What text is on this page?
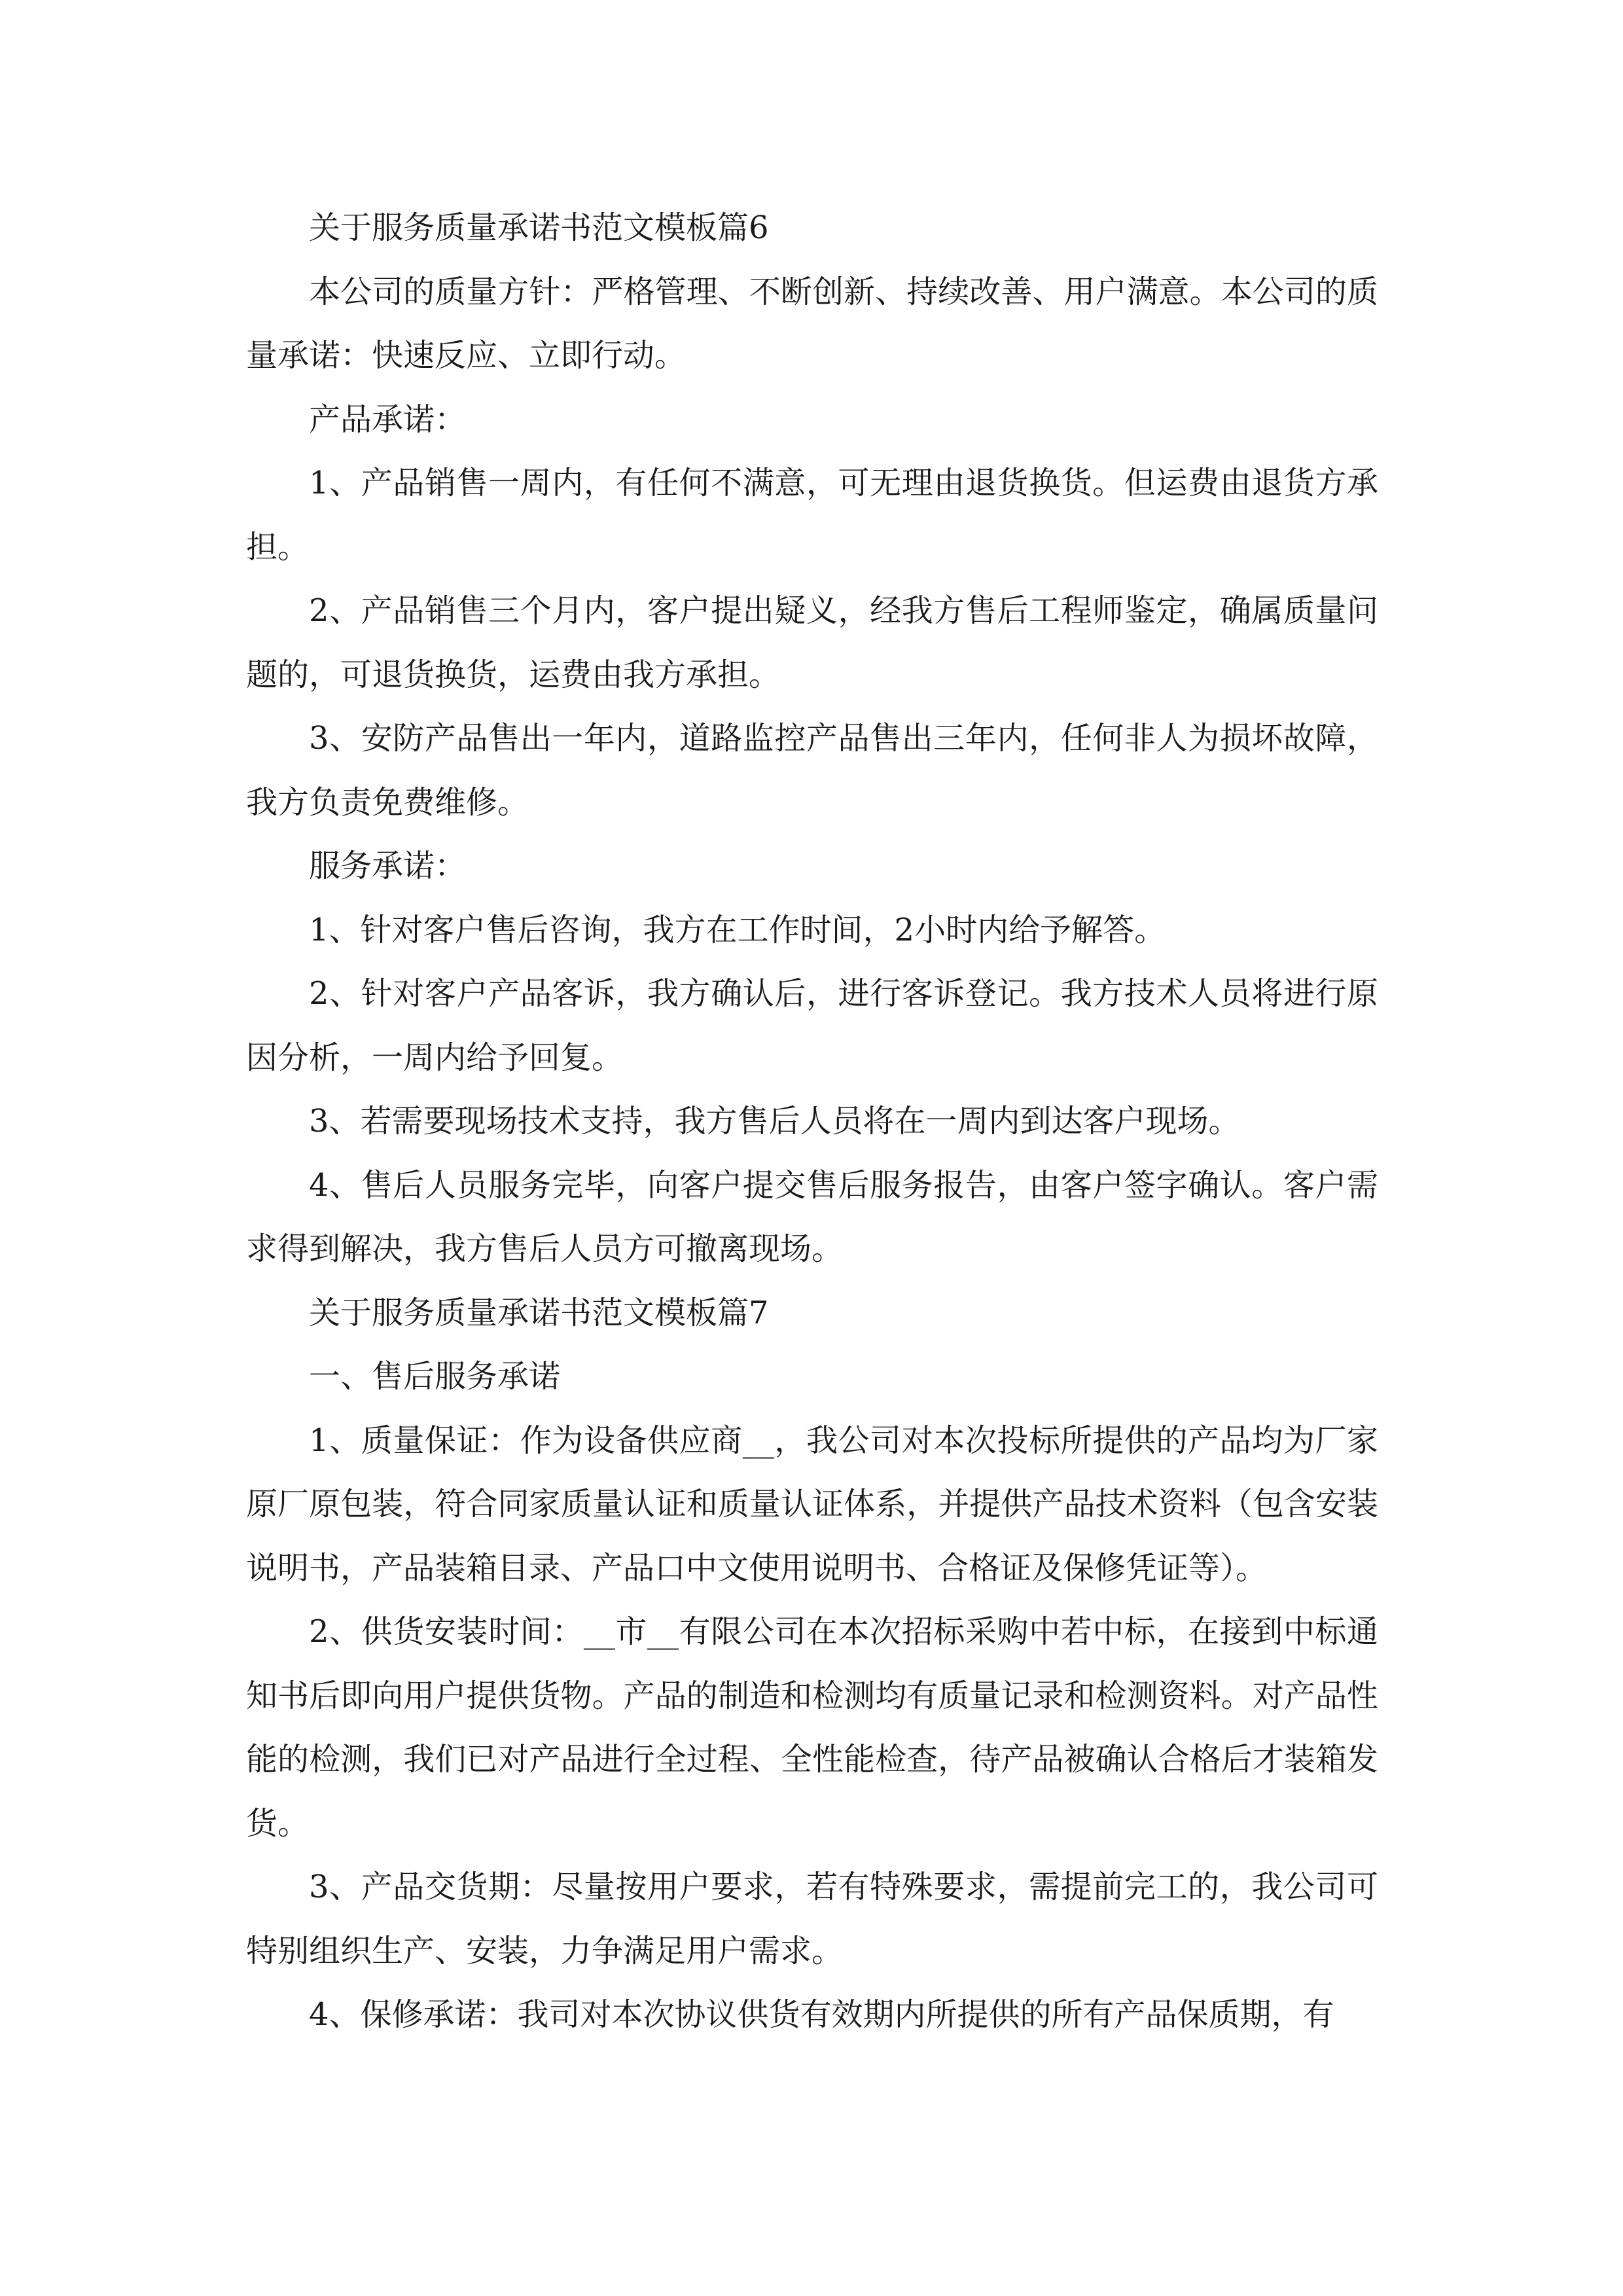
关于服务质量承诺书范文模板篇6

本公司的质量方针：严格管理、不断创新、持续改善、用户满意。本公司的质量承诺：快速反应、立即行动。

产品承诺：

1、产品销售一周内，有任何不满意，可无理由退货换货。但运费由退货方承担。

2、产品销售三个月内，客户提出疑义，经我方售后工程师鉴定，确属质量问题的，可退货换货，运费由我方承担。

3、安防产品售出一年内，道路监控产品售出三年内，任何非人为损坏故障，我方负责免费维修。

服务承诺：

1、针对客户售后咨询，我方在工作时间，2小时内给予解答。

2、针对客户产品客诉，我方确认后，进行客诉登记。我方技术人员将进行原因分析，一周内给予回复。

3、若需要现场技术支持，我方售后人员将在一周内到达客户现场。

4、售后人员服务完毕，向客户提交售后服务报告，由客户签字确认。客户需求得到解决，我方售后人员方可撤离现场。

关于服务质量承诺书范文模板篇7

一、售后服务承诺

1、质量保证：作为设备供应商__，我公司对本次投标所提供的产品均为厂家原厂原包装，符合同家质量认证和质量认证体系，并提供产品技术资料（包含安装说明书，产品装箱目录、产品口中文使用说明书、合格证及保修凭证等）。

2、供货安装时间：__市__有限公司在本次招标采购中若中标，在接到中标通知书后即向用户提供货物。产品的制造和检测均有质量记录和检测资料。对产品性能的检测，我们已对产品进行全过程、全性能检查，待产品被确认合格后才装箱发货。

3、产品交货期：尽量按用户要求，若有特殊要求，需提前完工的，我公司可特别组织生产、安装，力争满足用户需求。

4、保修承诺：我司对本次协议供货有效期内所提供的所有产品保质期，有
